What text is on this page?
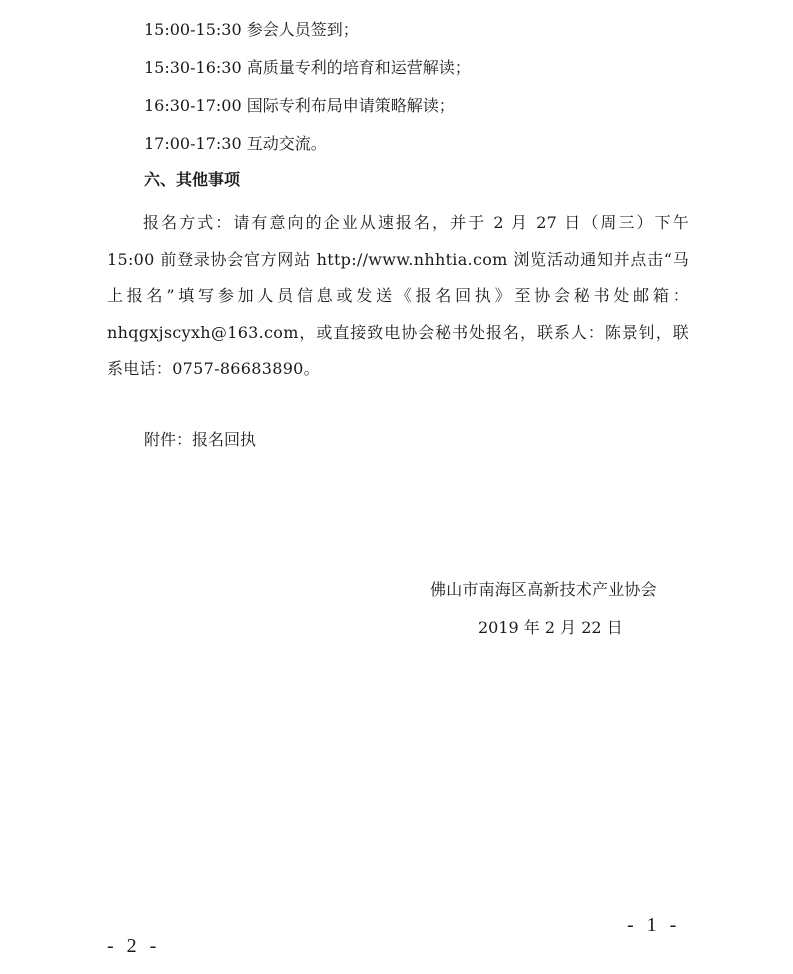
15:00-15:30 参会人员签到；
15:30-16:30 高质量专利的培育和运营解读；
16:30-17:00 国际专利布局申请策略解读；
17:00-17:30 互动交流。
六、其他事项
报名方式：请有意向的企业从速报名，并于 2 月 27 日（周三）下午 15:00 前登录协会官方网站 http://www.nhhtia.com 浏览活动通知并点击“马上报名”填写参加人员信息或发送《报名回执》至协会秘书处邮箱：nhqgxjscyxh@163.com，或直接致电协会秘书处报名，联系人：陈景钊，联系电话：0757-86683890。
附件：报名回执
佛山市南海区高新技术产业协会
2019 年 2 月 22 日
- 1 -
- 2 -
